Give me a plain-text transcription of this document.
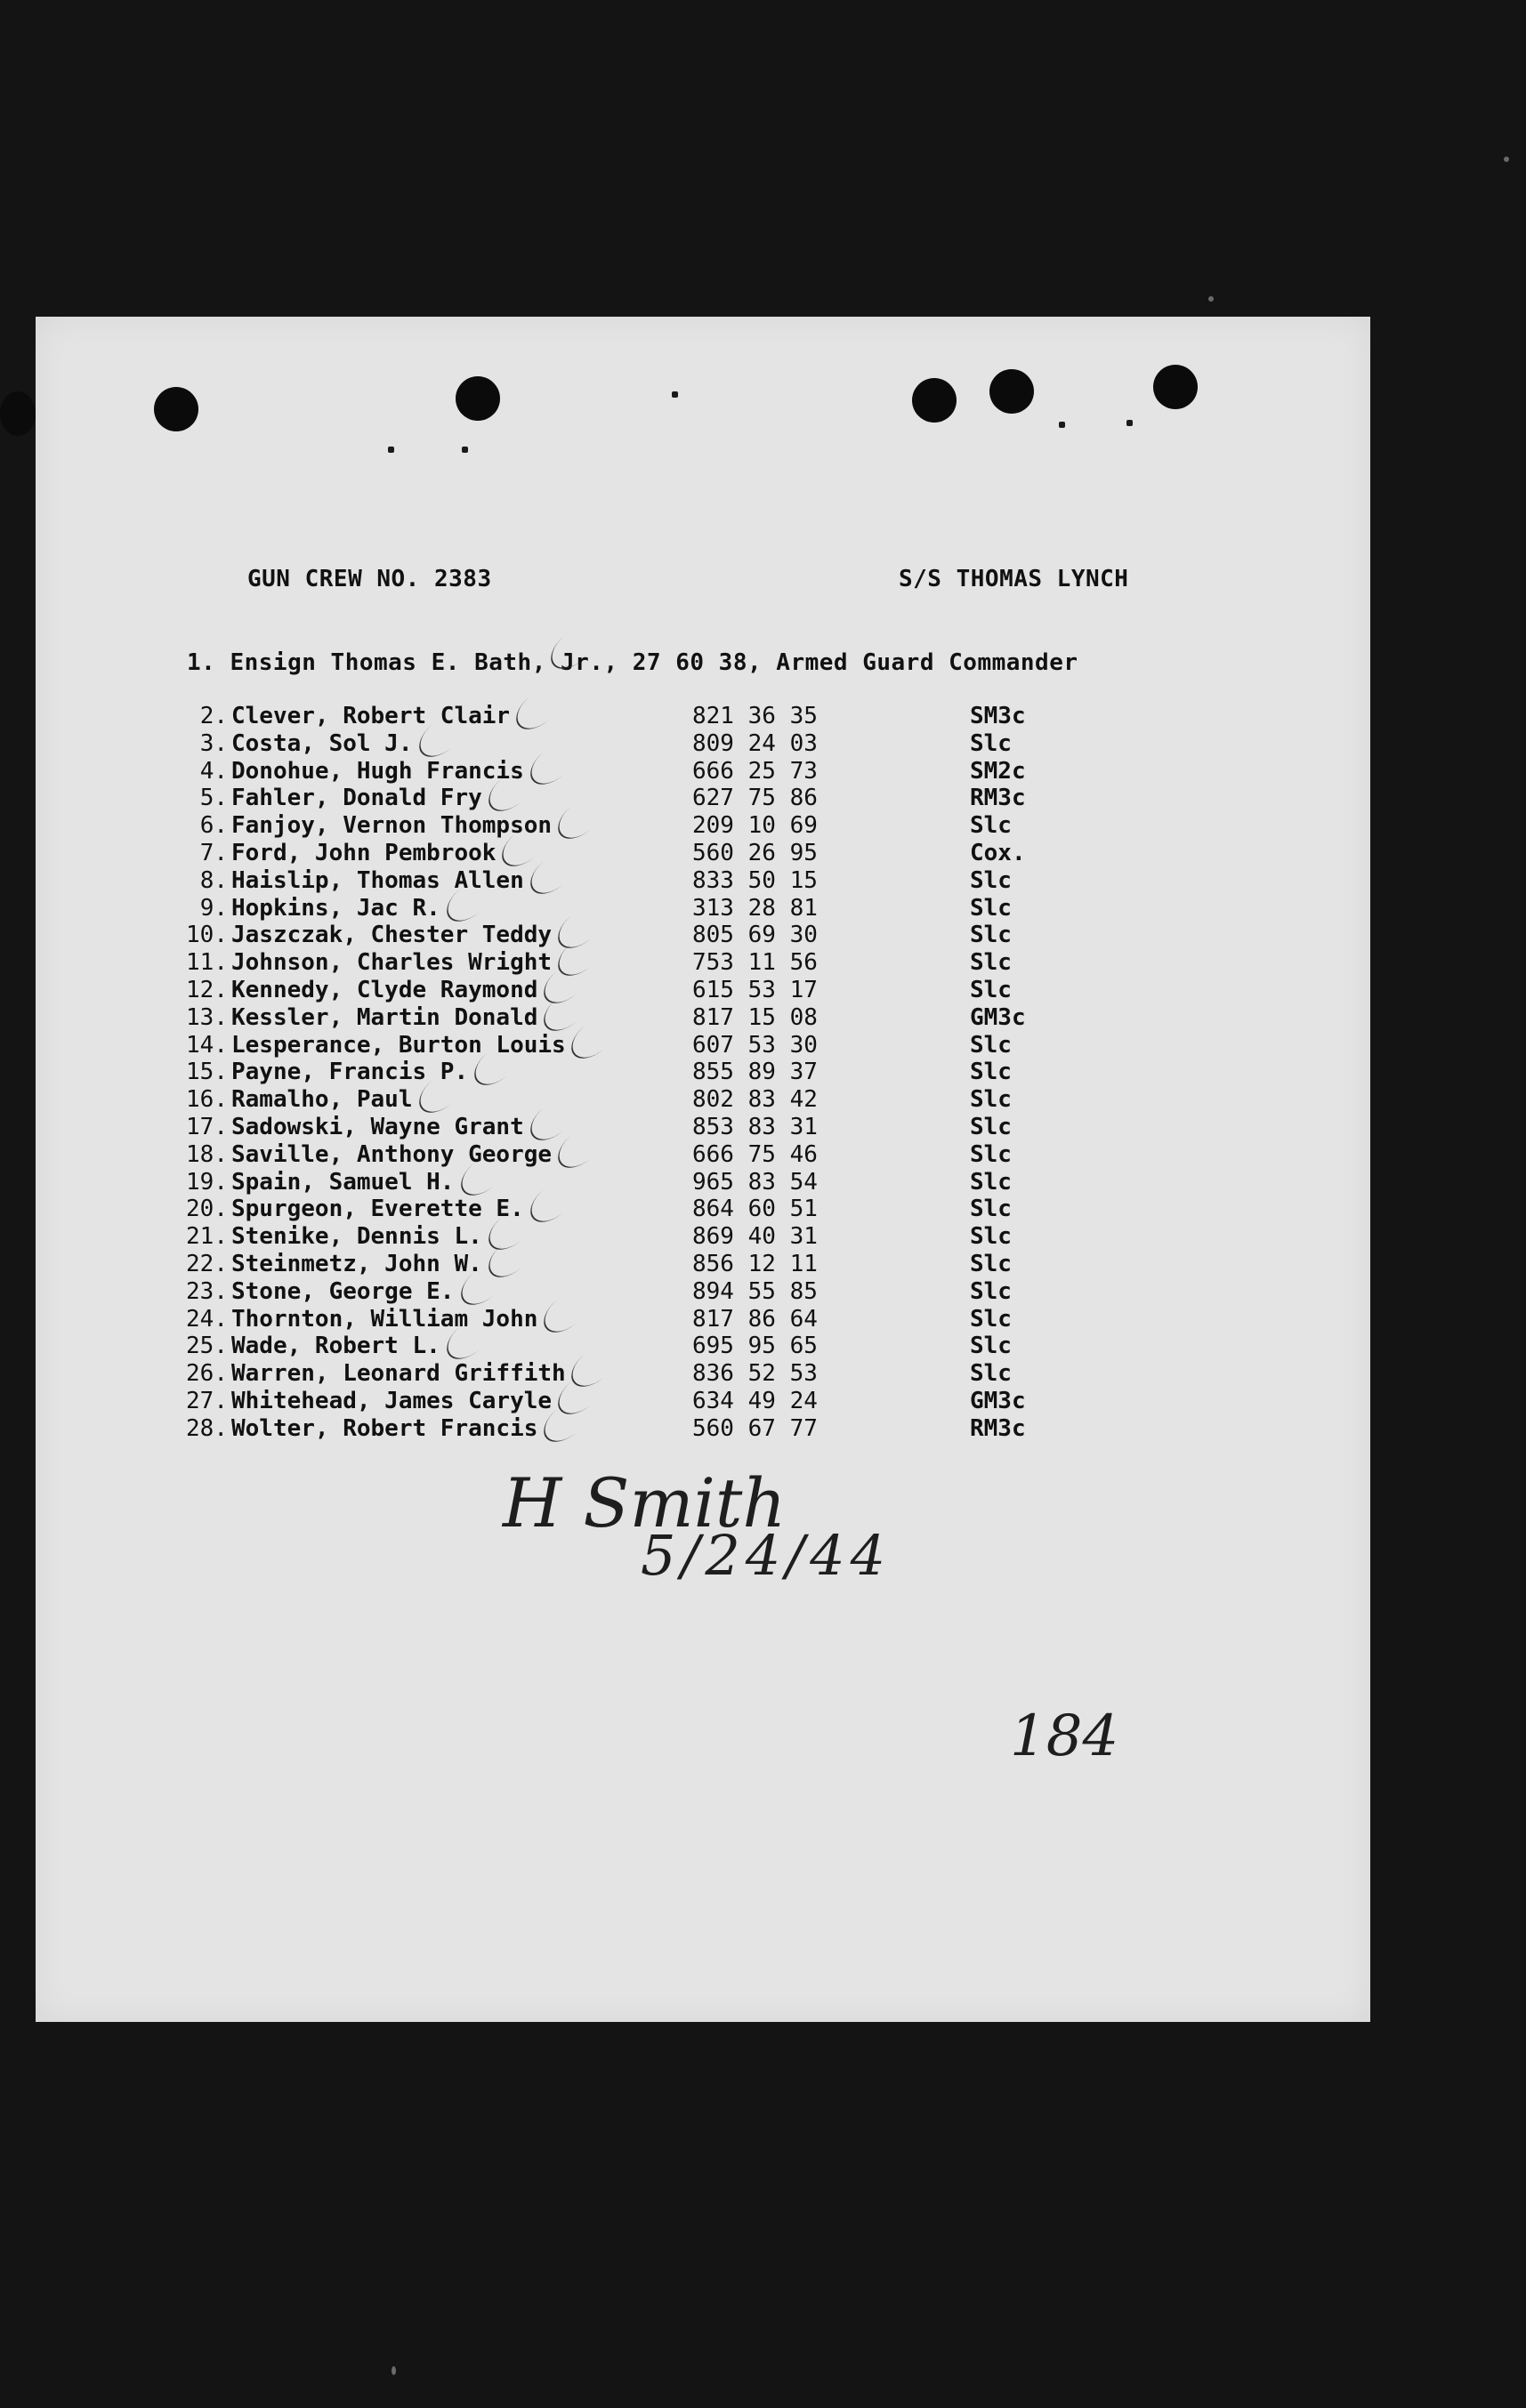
GUN CREW NO. 2383	S/S THOMAS LYNCH
1. Ensign Thomas E. Bath, Jr., 27 60 38, Armed Guard Commander
2. Clever, Robert Clair	821 36 35	SM3c
3. Costa, Sol J.	809 24 03	Slc
4. Donohue, Hugh Francis	666 25 73	SM2c
5. Fahler, Donald Fry	627 75 86	RM3c
6. Fanjoy, Vernon Thompson	209 10 69	Slc
7. Ford, John Pembrook	560 26 95	Cox.
8. Haislip, Thomas Allen	833 50 15	Slc
9. Hopkins, Jac R.	313 28 81	Slc
10. Jaszczak, Chester Teddy	805 69 30	Slc
11. Johnson, Charles Wright	753 11 56	Slc
12. Kennedy, Clyde Raymond	615 53 17	Slc
13. Kessler, Martin Donald	817 15 08	GM3c
14. Lesperance, Burton Louis	607 53 30	Slc
15. Payne, Francis P.	855 89 37	Slc
16. Ramalho, Paul	802 83 42	Slc
17. Sadowski, Wayne Grant	853 83 31	Slc
18. Saville, Anthony George	666 75 46	Slc
19. Spain, Samuel H.	965 83 54	Slc
20. Spurgeon, Everette E.	864 60 51	Slc
21. Stenike, Dennis L.	869 40 31	Slc
22. Steinmetz, John W.	856 12 11	Slc
23. Stone, George E.	894 55 85	Slc
24. Thornton, William John	817 86 64	Slc
25. Wade, Robert L.	695 95 65	Slc
26. Warren, Leonard Griffith	836 52 53	Slc
27. Whitehead, James Caryle	634 49 24	GM3c
28. Wolter, Robert Francis	560 67 77	RM3c
H Smith
5/24/44
184
